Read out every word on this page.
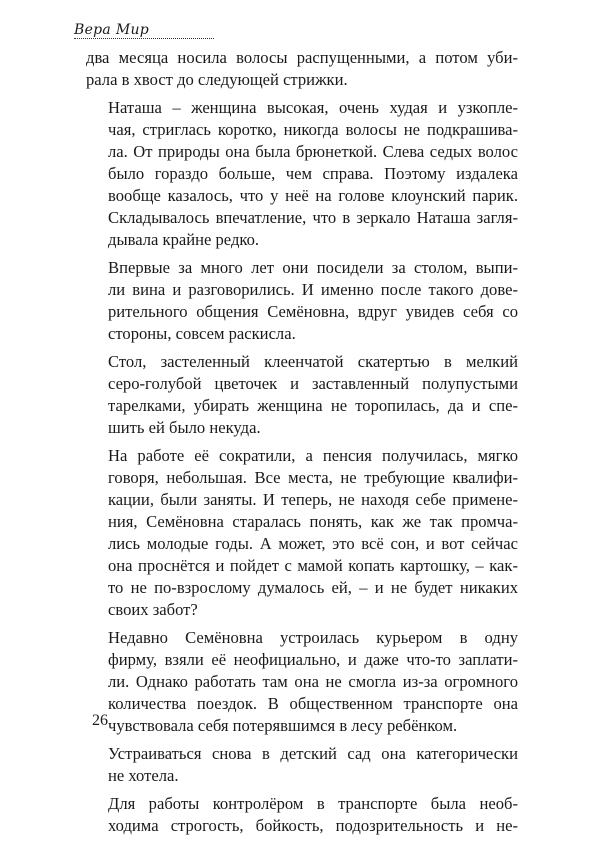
Вера Мир
два месяца носила волосы распущенными, а потом уби-
рала в хвост до следующей стрижки.
Наташа – женщина высокая, очень худая и узкопле-
чая, стриглась коротко, никогда волосы не подкрашива-
ла. От природы она была брюнеткой. Слева седых волос
было гораздо больше, чем справа. Поэтому издалека
вообще казалось, что у неё на голове клоунский парик.
Складывалось впечатление, что в зеркало Наташа загля-
дывала крайне редко.
Впервые за много лет они посидели за столом, выпи-
ли вина и разговорились. И именно после такого дове-
рительного общения Семёновна, вдруг увидев себя со
стороны, совсем раскисла.
Стол, застеленный клеенчатой скатертью в мелкий
серо-голубой цветочек и заставленный полупустыми
тарелками, убирать женщина не торопилась, да и спе-
шить ей было некуда.
На работе её сократили, а пенсия получилась, мягко
говоря, небольшая. Все места, не требующие квалифи-
кации, были заняты. И теперь, не находя себе примене-
ния, Семёновна старалась понять, как же так промча-
лись молодые годы. А может, это всё сон, и вот сейчас
она проснётся и пойдет с мамой копать картошку, – как-
то не по-взрослому думалось ей, – и не будет никаких
своих забот?
Недавно Семёновна устроилась курьером в одну
фирму, взяли её неофициально, и даже что-то заплати-
ли. Однако работать там она не смогла из-за огромного
количества поездок. В общественном транспорте она
чувствовала себя потерявшимся в лесу ребёнком.
Устраиваться снова в детский сад она категорически
не хотела.
Для работы контролёром в транспорте была необ-
ходима строгость, бойкость, подозрительность и не-
26
